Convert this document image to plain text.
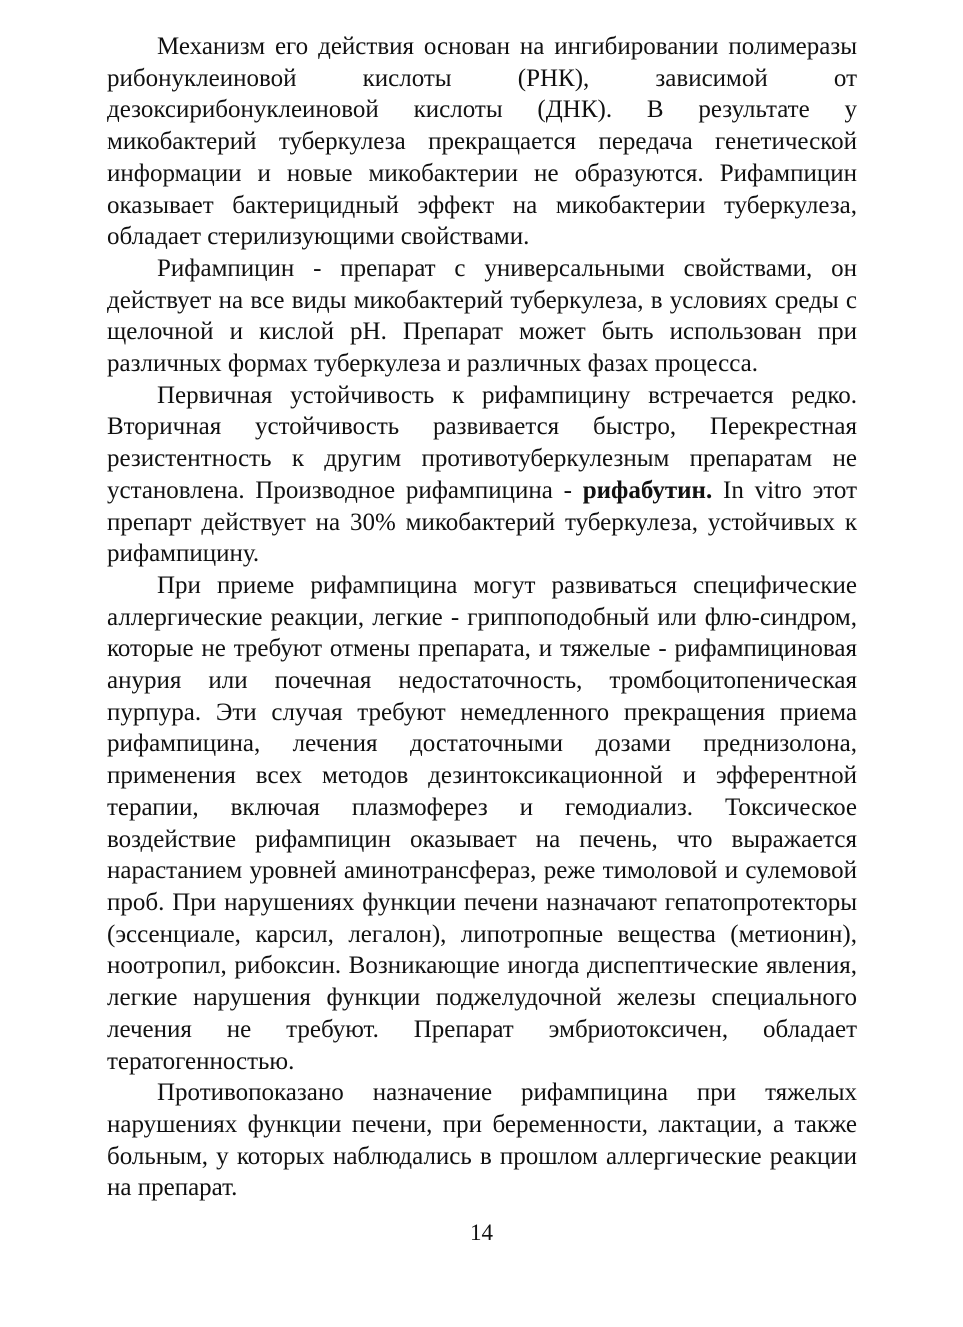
Механизм его действия основан на ингибировании полимеразы рибонуклеиновой кислоты (РНК), зависимой от дезоксирибонуклеиновой кислоты (ДНК). В результате у микобактерий туберкулеза прекращается передача генетической информации и новые микобактерии не образуются. Рифампицин оказывает бактерицидный эффект на микобактерии туберкулеза, обладает стерилизующими свойствами.

Рифампицин - препарат с универсальными свойствами, он действует на все виды микобактерий туберкулеза, в условиях среды с щелочной и кислой pH. Препарат может быть использован при различных формах туберкулеза и различных фазах процесса.

Первичная устойчивость к рифампицину встречается редко. Вторичная устойчивость развивается быстро, Перекрестная резистентность к другим противотуберкулезным препаратам не установлена. Производное рифампицина - рифабутин. In vitro этот препарт действует на 30% микобактерий туберкулеза, устойчивых к рифампицину.

При приеме рифампицина могут развиваться специфические аллергические реакции, легкие - гриппоподобный или флю-синдром, которые не требуют отмены препарата, и тяжелые - рифампициновая анурия или почечная недостаточность, тромбоцитопеническая пурпура. Эти случая требуют немедленного прекращения приема рифампицина, лечения достаточными дозами преднизолона, применения всех методов дезинтоксикационной и эфферентной терапии, включая плазмоферез и гемодиализ. Токсическое воздействие рифампицин оказывает на печень, что выражается нарастанием уровней аминотрансфераз, реже тимоловой и сулемовой проб. При нарушениях функции печени назначают гепатопротекторы (эссенциале, карсил, легалон), липотропные вещества (метионин), ноотропил, рибоксин. Возникающие иногда диспептические явления, легкие нарушения функции поджелудочной железы специального лечения не требуют. Препарат эмбриотоксичен, обладает тератогенностью.

Противопоказано назначение рифампицина при тяжелых нарушениях функции печени, при беременности, лактации, а также больным, у которых наблюдались в прошлом аллергические реакции на препарат.

14
